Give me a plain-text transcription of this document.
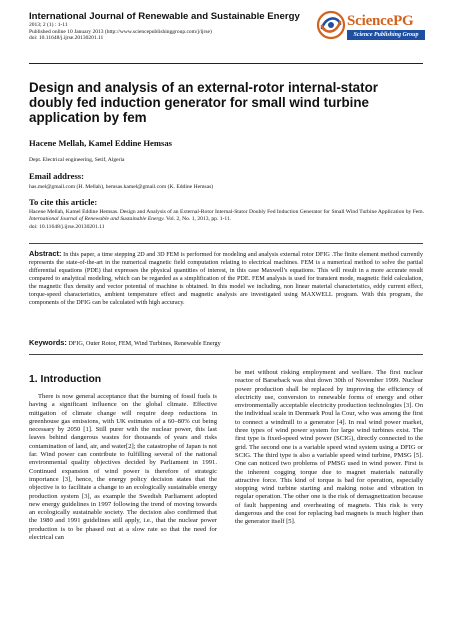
International Journal of Renewable and Sustainable Energy
2013; 2 (1) : 1-11
Published online 10 January 2013 (http://www.sciencepublishinggroup.com/j/ijrse)
doi: 10.11648/j.ijrse.20130201.11
SciencePG
Science Publishing Group
Design and analysis of an external-rotor internal-stator doubly fed induction generator for small wind turbine application by fem
Hacene Mellah, Kamel Eddine Hemsas
Dept. Electrical engineering, Setif, Algeria
Email address:
has.mel@gmail.com (H. Mellah), hemsas.kamel@gmail.com (K. Eddine Hemsas)
To cite this article:
Hacene Mellah, Kamel Eddine Hemsas. Design and Analysis of an External-Rotor Internal-Stator Doubly Fed Induction Generator for Small Wind Turbine Application by Fem. International Journal of Renewable and Sustainable Energy. Vol. 2, No. 1, 2013, pp. 1-11.
doi: 10.11648/j.ijrse.20130201.11
Abstract: In this paper, a time stepping 2D and 3D FEM is performed for modeling and analysis external rotor DFIG .The finite element method currently represents the state-of-the-art in the numerical magnetic field computation relating to electrical machines. FEM is a numerical method to solve the partial differential equations (PDE) that expresses the physical quantities of interest, in this case Maxwell’s equations. This will result in a more accurate result compared to analytical modeling, which can be regarded as a simplification of the PDE. FEM analysis is used for transient mode, magnetic field calculation, the magnetic flux density and vector potential of machine is obtained. In this model we including, non linear material characteristics, eddy current effect, torque-speed characteristics, ambient temperature effect and magnetic analysis are investigated using MAXWELL program. With this program, the components of the DFIG can be calculated with high accuracy.
Keywords: DFIG, Outer Rotor, FEM, Wind Turbines, Renewable Energy
1. Introduction
There is now general acceptance that the burning of fossil fuels is having a significant influence on the global climate. Effective mitigation of climate change will require deep reductions in greenhouse gas emissions, with UK estimates of a 60–80% cut being necessary by 2050 [1]. Still purer with the nuclear power, this last leaves behind dangerous wastes for thousands of years and risks contamination of land, air, and water[2]; the catastrophe of Japan is not far. Wind power can contribute to fulfilling several of the national environmental quality objectives decided by Parliament in 1991. Continued expansion of wind power is therefore of strategic importance [3], hence, the energy policy decision states that the objective is to facilitate a change to an ecologically sustainable energy production system [3], as example the Swedish Parliament adopted new energy guidelines in 1997 following the trend of moving towards an ecologically sustainable society. The decision also confirmed that the 1980 and 1991 guidelines still apply, i.e., that the nuclear power production is to be phased out at a slow rate so that the need for electrical can
be met without risking employment and welfare. The first nuclear reactor of Barseback was shut down 30th of November 1999. Nuclear power production shall be replaced by improving the efficiency of electricity use, conversion to renewable forms of energy and other environmentally acceptable electricity production technologies [3]. On the individual scale in Denmark Poul la Cour, who was among the first to connect a windmill to a generator [4]. In real wind power market, three types of wind power system for large wind turbines exist. The first type is fixed-speed wind power (SCIG), directly connected to the grid. The second one is a variable speed wind system using a DFIG or SCIG. The third type is also a variable speed wind turbine, PMSG [5]. One can noticed two problems of PMSG used in wind power. First is the inherent cogging torque due to magnet materials naturally attractive force. This kind of torque is bad for operation, especially stopping wind turbine starting and making noise and vibration in regular operation. The other one is the risk of demagnetization because of fault happening and overheating of magnets. This risk is very dangerous and the cost for replacing bad magnets is much higher than the generator itself [5].
